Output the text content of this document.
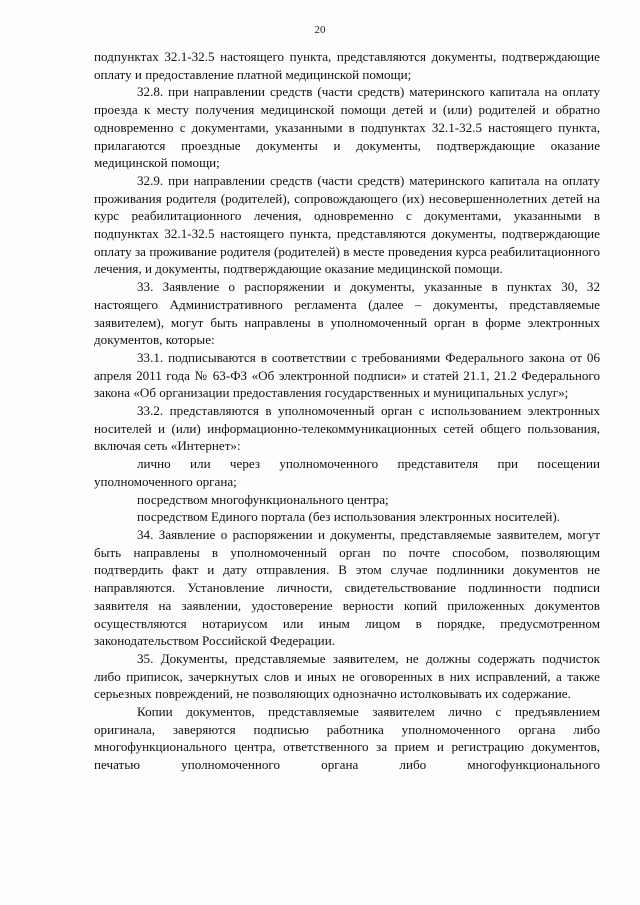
20

подпунктах 32.1-32.5 настоящего пункта, представляются документы, подтверждающие оплату и предоставление платной медицинской помощи;

32.8. при направлении средств (части средств) материнского капитала на оплату проезда к месту получения медицинской помощи детей и (или) родителей и обратно одновременно с документами, указанными в подпунктах 32.1-32.5 настоящего пункта, прилагаются проездные документы и документы, подтверждающие оказание медицинской помощи;

32.9. при направлении средств (части средств) материнского капитала на оплату проживания родителя (родителей), сопровождающего (их) несовершеннолетних детей на курс реабилитационного лечения, одновременно с документами, указанными в подпунктах 32.1-32.5 настоящего пункта, представляются документы, подтверждающие оплату за проживание родителя (родителей) в месте проведения курса реабилитационного лечения, и документы, подтверждающие оказание медицинской помощи.

33. Заявление о распоряжении и документы, указанные в пунктах 30, 32 настоящего Административного регламента (далее – документы, представляемые заявителем), могут быть направлены в уполномоченный орган в форме электронных документов, которые:

33.1. подписываются в соответствии с требованиями Федерального закона от 06 апреля 2011 года № 63-ФЗ «Об электронной подписи» и статей 21.1, 21.2 Федерального закона «Об организации предоставления государственных и муниципальных услуг»;

33.2. представляются в уполномоченный орган с использованием электронных носителей и (или) информационно-телекоммуникационных сетей общего пользования, включая сеть «Интернет»:

лично или через уполномоченного представителя при посещении уполномоченного органа;

посредством многофункционального центра;

посредством Единого портала (без использования электронных носителей).

34. Заявление о распоряжении и документы, представляемые заявителем, могут быть направлены в уполномоченный орган по почте способом, позволяющим подтвердить факт и дату отправления. В этом случае подлинники документов не направляются. Установление личности, свидетельствование подлинности подписи заявителя на заявлении, удостоверение верности копий приложенных документов осуществляются нотариусом или иным лицом в порядке, предусмотренном законодательством Российской Федерации.

35. Документы, представляемые заявителем, не должны содержать подчисток либо приписок, зачеркнутых слов и иных не оговоренных в них исправлений, а также серьезных повреждений, не позволяющих однозначно истолковывать их содержание.

Копии документов, представляемые заявителем лично с предъявлением оригинала, заверяются подписью работника уполномоченного органа либо многофункционального центра, ответственного за прием и регистрацию документов, печатью уполномоченного органа либо многофункционального
